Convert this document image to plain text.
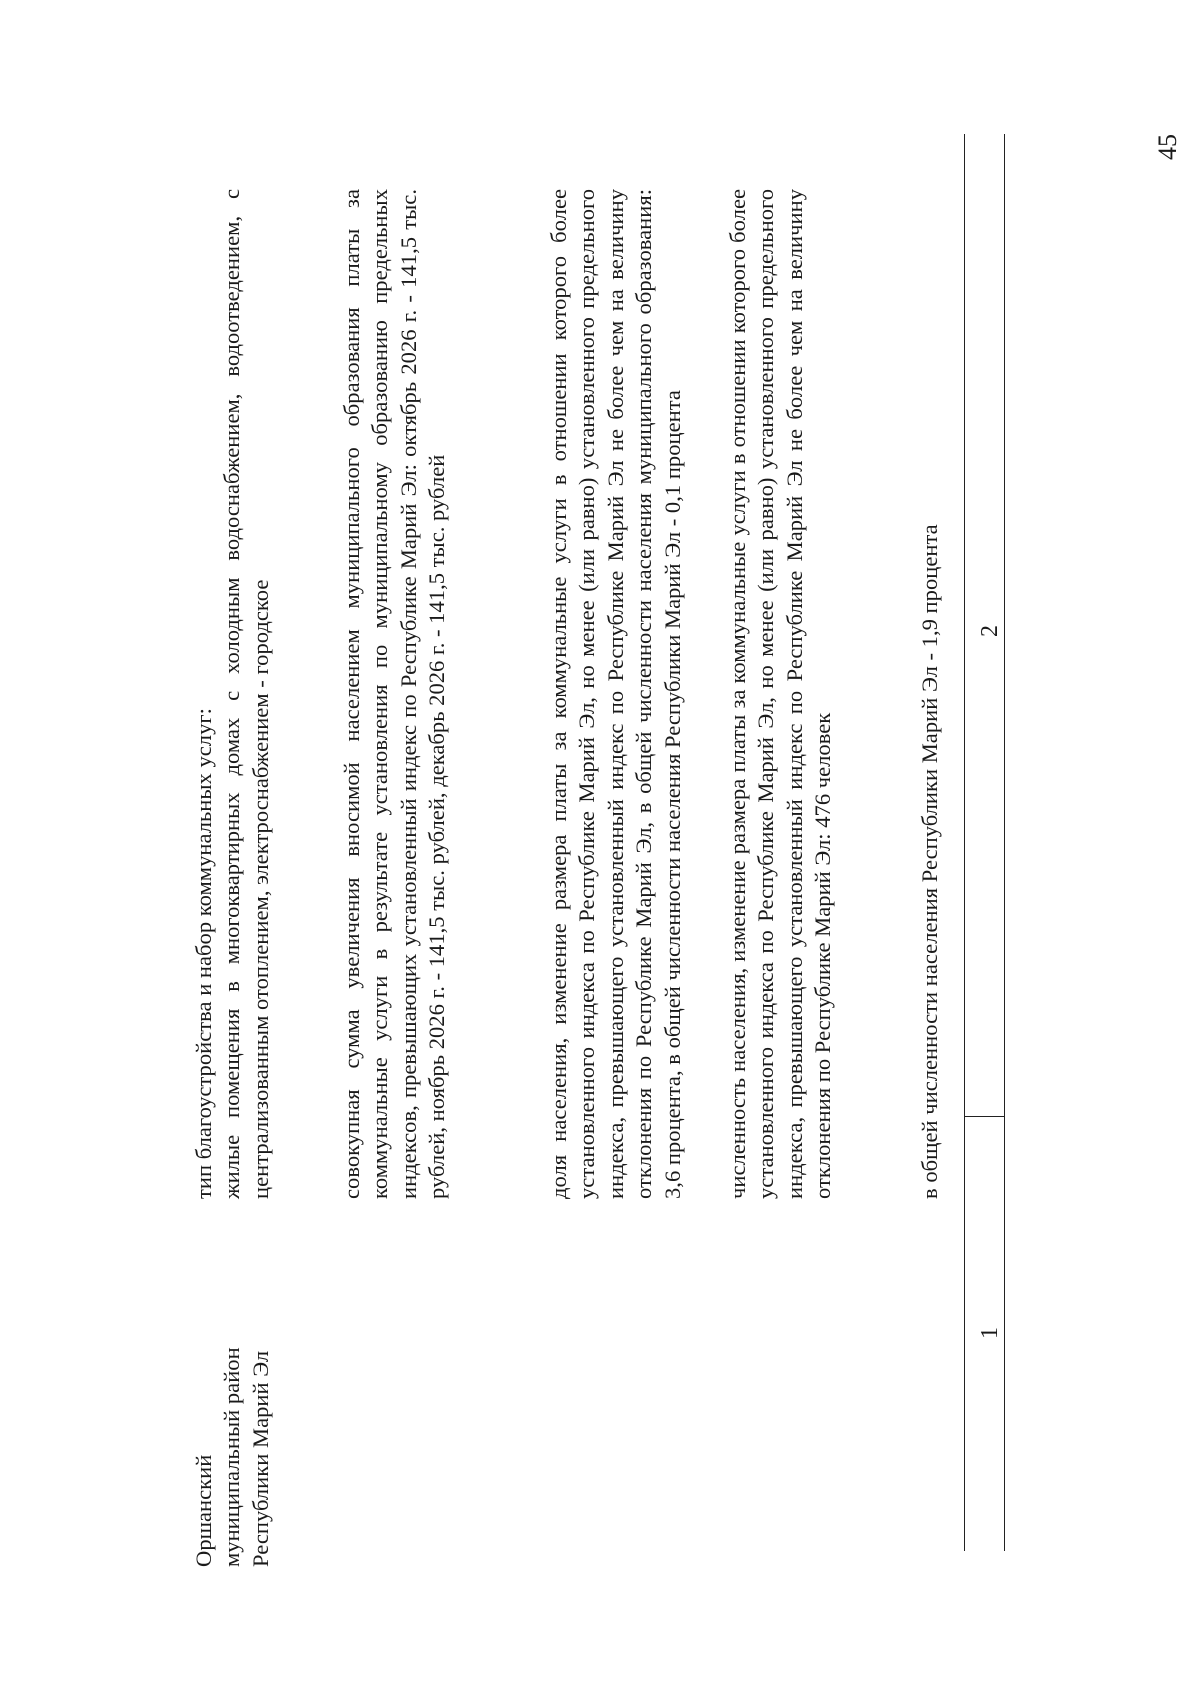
45
1
2
в общей численности населения Республики Марий Эл - 1,9 процента
численность населения, изменение размера платы за коммунальные услуги в отношении которого более установленного индекса по Республике Марий Эл, но менее (или равно) установленного предельного индекса, превышающего установленный индекс по Республике Марий Эл не более чем на величину отклонения по Республике Марий Эл: 476 человек
доля населения, изменение размера платы за коммунальные услуги в отношении которого более установленного индекса по Республике Марий Эл, но менее (или равно) установленного предельного индекса, превышающего установленный индекс по Республике Марий Эл не более чем на величину отклонения по Республике Марий Эл, в общей численности населения муниципального образования: 3,6 процента, в общей численности населения Республики Марий Эл - 0,1 процента
совокупная сумма увеличения вносимой населением муниципального образования платы за коммунальные услуги в результате установления по муниципальному образованию предельных индексов, превышающих установленный индекс по Республике Марий Эл: октябрь 2026 г. - 141,5 тыс. рублей, ноябрь 2026 г. - 141,5 тыс. рублей, декабрь 2026 г. - 141,5 тыс. рублей
тип благоустройства и набор коммунальных услуг: жилые помещения в многоквартирных домах с холодным водоснабжением, водоотведением, с централизованным отоплением, электроснабжением - городское
Оршанский муниципальный район Республики Марий Эл
